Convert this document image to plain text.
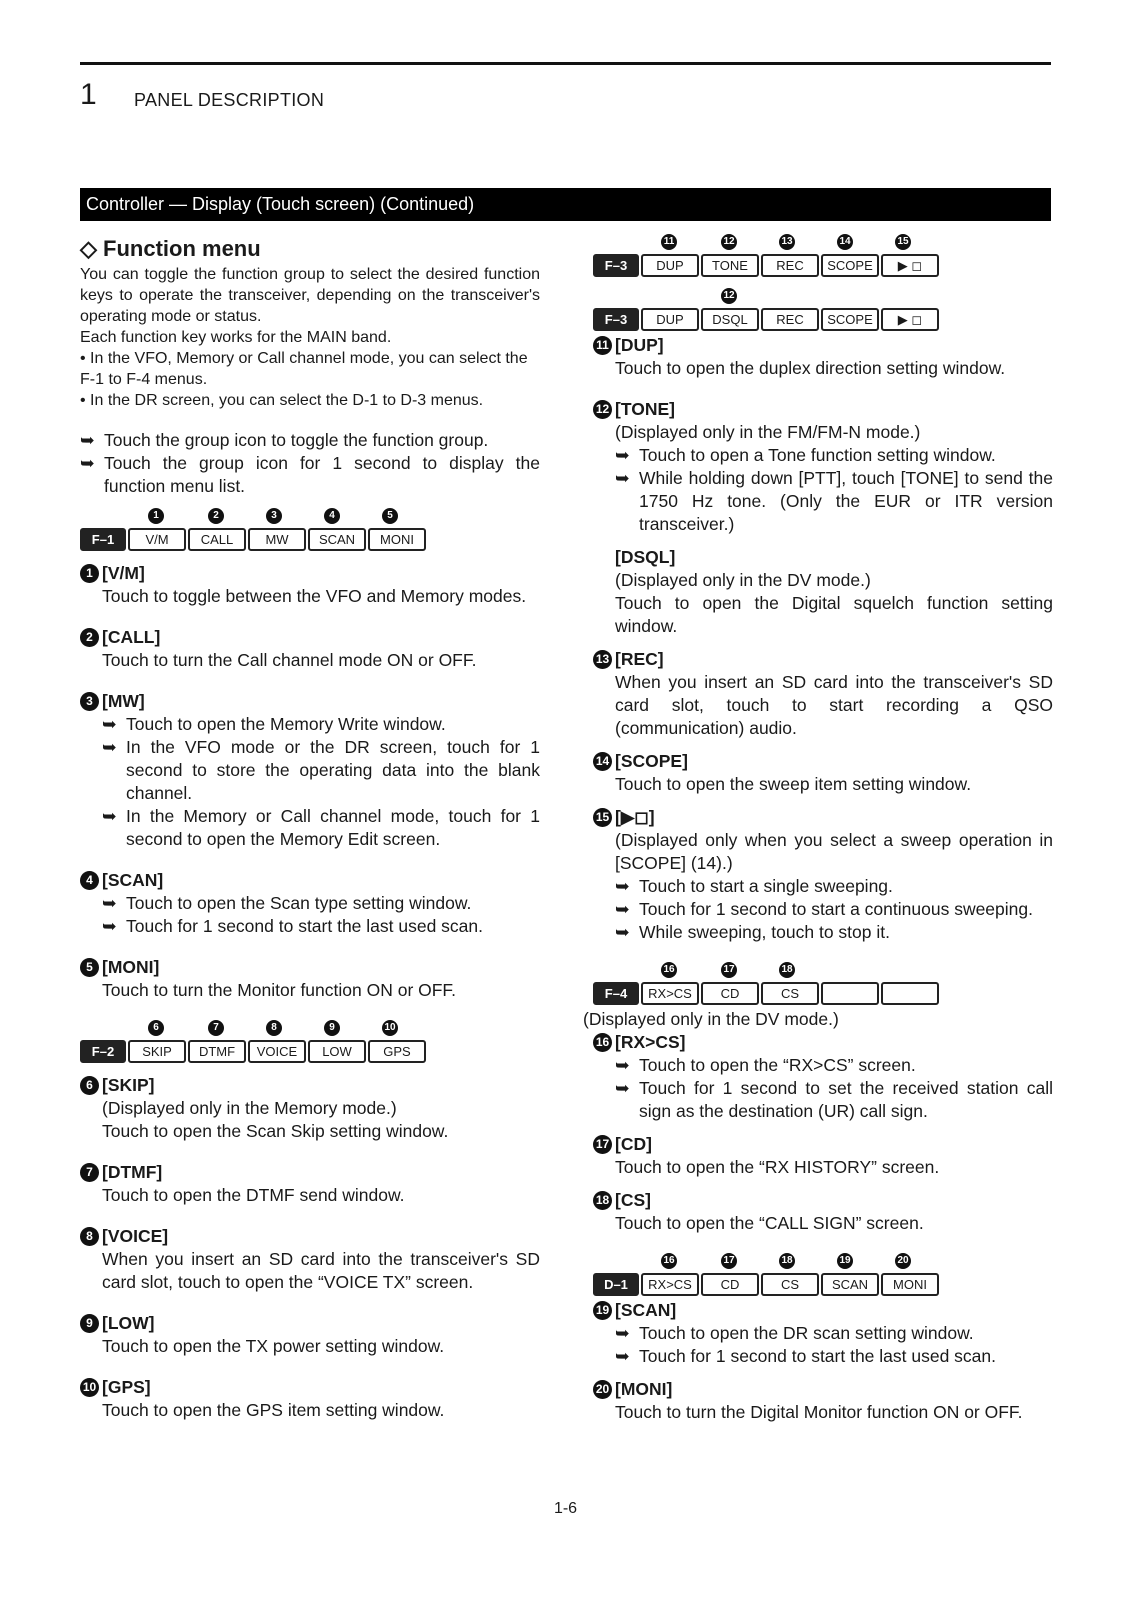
1 PANEL DESCRIPTION
Controller — Display (Touch screen) (Continued)
◇ Function menu

You can toggle the function group to select the desired function keys to operate the transceiver, depending on the transceiver's operating mode or status.

Each function key works for the MAIN band.

• In the VFO, Memory or Call channel mode, you can select the F-1 to F-4 menus.

• In the DR screen, you can select the D-1 to D-3 menus.

➥ Touch the group icon to toggle the function group.
➥ Touch the group icon for 1 second to display the function menu list.
1	2	3	4	5
F–1	V/M	CALL	MW	SCAN	MONI
1 [V/M]
Touch to toggle between the VFO and Memory modes.
2 [CALL]
Touch to turn the Call channel mode ON or OFF.
3 [MW]
➥ Touch to open the Memory Write window.
➥ In the VFO mode or the DR screen, touch for 1 second to store the operating data into the blank channel.
➥ In the Memory or Call channel mode, touch for 1 second to open the Memory Edit screen.
4 [SCAN]
➥ Touch to open the Scan type setting window.
➥ Touch for 1 second to start the last used scan.
5 [MONI]
Touch to turn the Monitor function ON or OFF.
6	7	8	9	10
F–2	SKIP	DTMF	VOICE	LOW	GPS
6 [SKIP]
(Displayed only in the Memory mode.)
Touch to open the Scan Skip setting window.
7 [DTMF]
Touch to open the DTMF send window.
8 [VOICE]
When you insert an SD card into the transceiver's SD card slot, touch to open the “VOICE TX” screen.
9 [LOW]
Touch to open the TX power setting window.
10 [GPS]
Touch to open the GPS item setting window.
11	12	13	14	15
F–3	DUP	TONE	REC	SCOPE	▶ ◻
12
F–3	DUP	DSQL	REC	SCOPE	▶ ◻
11 [DUP]
Touch to open the duplex direction setting window.
12 [TONE]
(Displayed only in the FM/FM-N mode.)
➥ Touch to open a Tone function setting window.
➥ While holding down [PTT], touch [TONE] to send the 1750 Hz tone. (Only the EUR or ITR version transceiver.)
[DSQL]
(Displayed only in the DV mode.)
Touch to open the Digital squelch function setting window.
13 [REC]
When you insert an SD card into the transceiver's SD card slot, touch to start recording a QSO (communication) audio.
14 [SCOPE]
Touch to open the sweep item setting window.
15 [▶◻]
(Displayed only when you select a sweep operation in [SCOPE] (14).)
➥ Touch to start a single sweeping.
➥ Touch for 1 second to start a continuous sweeping.
➥ While sweeping, touch to stop it.
16	17	18
F–4	RX>CS	CD	CS
(Displayed only in the DV mode.)
16 [RX>CS]
➥ Touch to open the “RX>CS” screen.
➥ Touch for 1 second to set the received station call sign as the destination (UR) call sign.
17 [CD]
Touch to open the “RX HISTORY” screen.
18 [CS]
Touch to open the “CALL SIGN” screen.
16	17	18	19	20
D–1	RX>CS	CD	CS	SCAN	MONI
19 [SCAN]
➥ Touch to open the DR scan setting window.
➥ Touch for 1 second to start the last used scan.
20 [MONI]
Touch to turn the Digital Monitor function ON or OFF.
1-6
